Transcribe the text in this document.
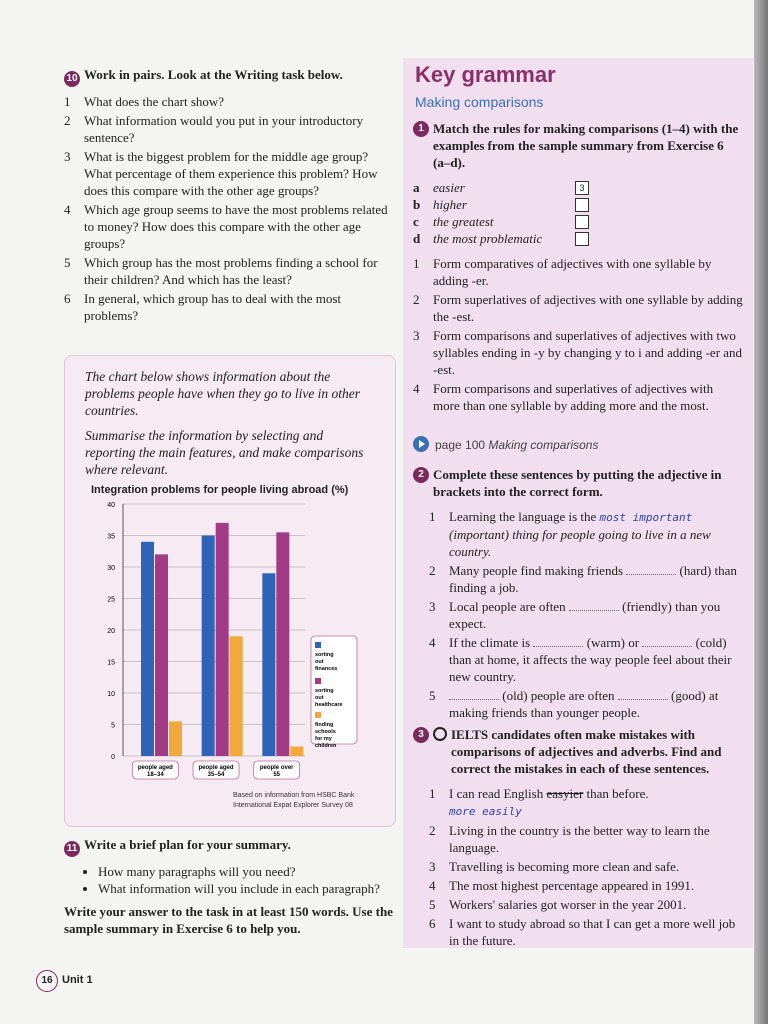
10 Work in pairs. Look at the Writing task below.
1 What does the chart show?
2 What information would you put in your introductory sentence?
3 What is the biggest problem for the middle age group? What percentage of them experience this problem? How does this compare with the other age groups?
4 Which age group seems to have the most problems related to money? How does this compare with the other age groups?
5 Which group has the most problems finding a school for their children? And which has the least?
6 In general, which group has to deal with the most problems?

The chart below shows information about the problems people have when they go to live in other countries.

Summarise the information by selecting and reporting the main features, and make comparisons where relevant.

Integration problems for people living abroad (%)
0
5
10
15
20
25
30
35
40
people aged
18–34
people aged
35–54
people over
55
sorting
out
finances
sorting
out
healthcare
finding
schools
for my
children
Based on information from HSBC Bank International Expat Explorer Survey 08
11 Write a brief plan for your summary.
• How many paragraphs will you need?
• What information will you include in each paragraph?
Write your answer to the task in at least 150 words. Use the sample summary in Exercise 6 to help you.
16 Unit 1
Key grammar
Making comparisons
1 Match the rules for making comparisons (1–4) with the examples from the sample summary from Exercise 6 (a–d).
a	easier	3
b higher
c	the greatest
d the most problematic
1 Form comparatives of adjectives with one syllable by adding -er.
2 Form superlatives of adjectives with one syllable by adding the -est.
3 Form comparisons and superlatives of adjectives with two syllables ending in -y by changing y to i and adding -er and -est.
4 Form comparisons and superlatives of adjectives with more than one syllable by adding more and the most.
page 100 Making comparisons
2 Complete these sentences by putting the adjective in brackets into the correct form.
1 Learning the language is the most important (important) thing for people going to live in a new country.
2 Many people find making friends	(hard) than finding a job.
3 Local people are often	(friendly) than you expect.
4 If the climate is	(warm) or	(cold) than at home, it affects the way people feel about their new country.
5	(old) people are often	(good) at making friends than younger people.
3	IELTS candidates often make mistakes with comparisons of adjectives and adverbs. Find and correct the mistakes in each of these sentences.
1 I can read English easyier than before.
more easily
2 Living in the country is the better way to learn the language.
3 Travelling is becoming more clean and safe.
4 The most highest percentage appeared in 1991.
5 Workers' salaries got worser in the year 2001.
6 I want to study abroad so that I can get a more well job in the future.
